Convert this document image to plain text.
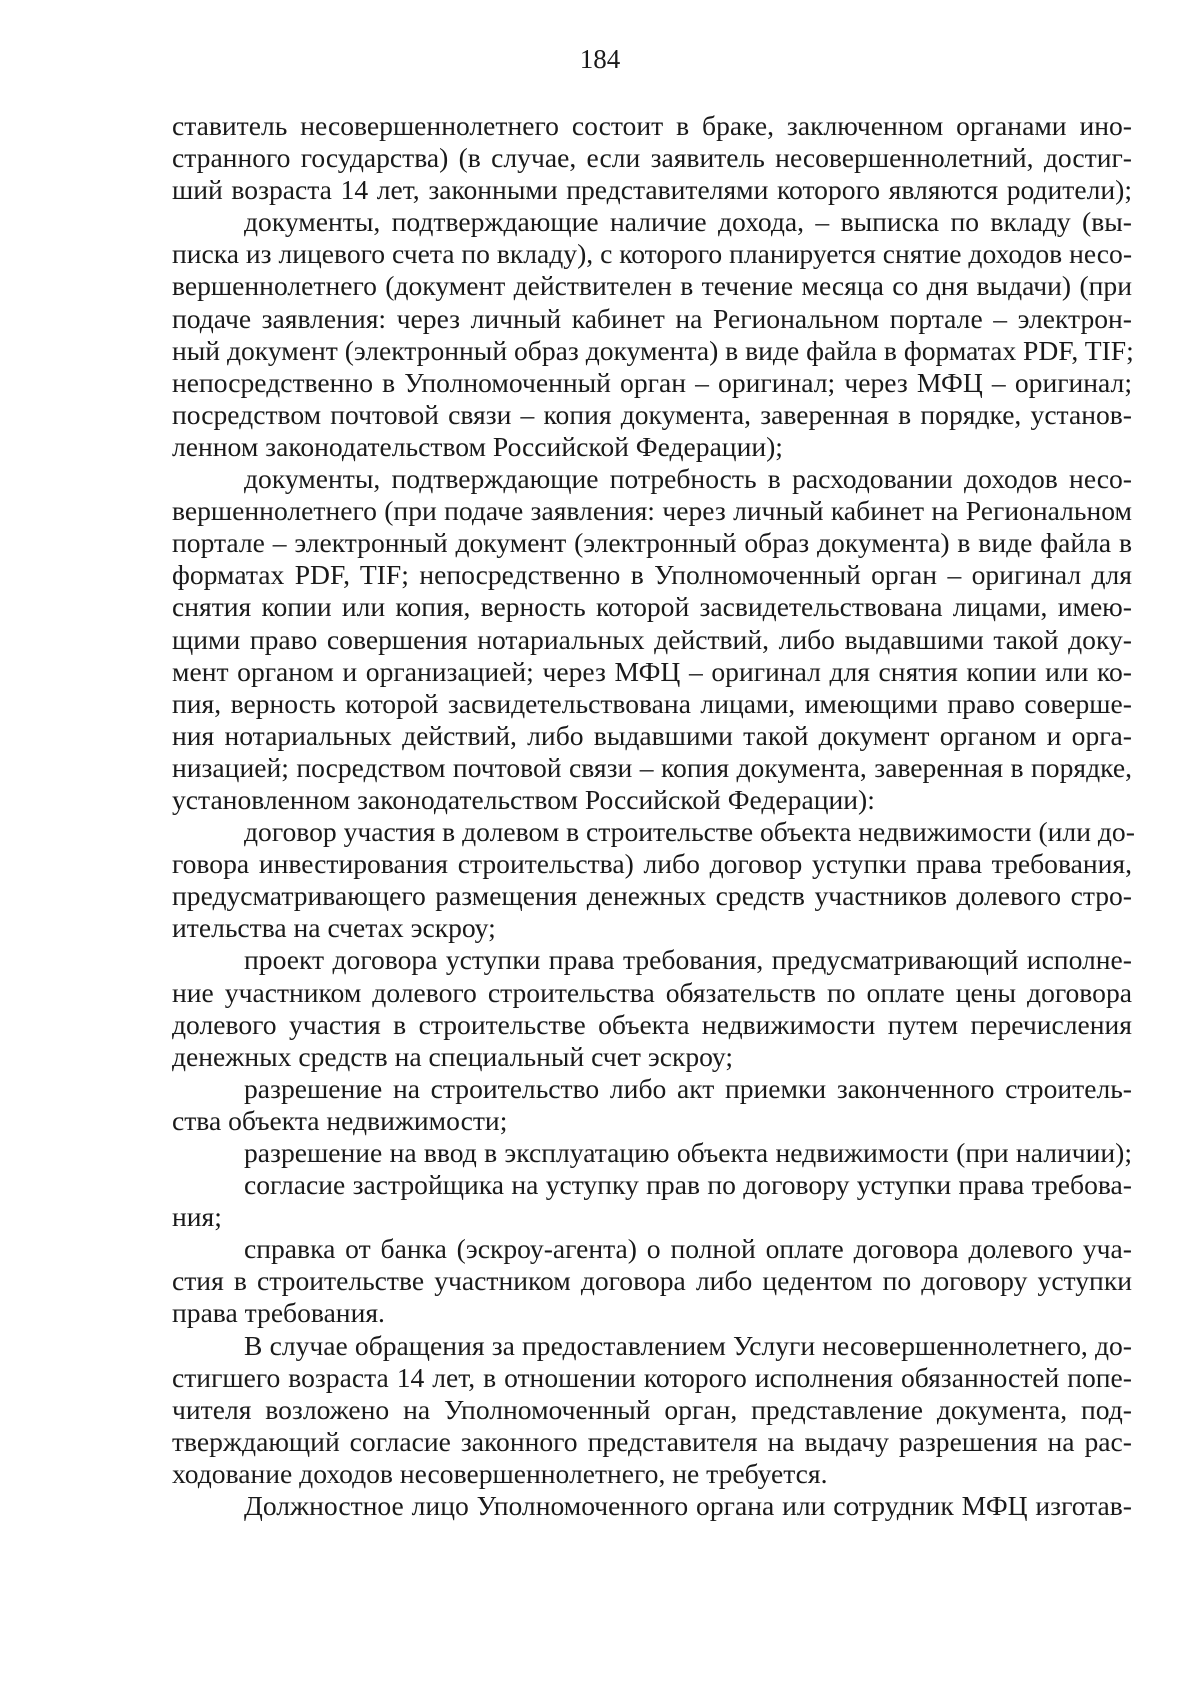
184
ставитель несовершеннолетнего состоит в браке, заключенном органами ино-
странного государства) (в случае, если заявитель несовершеннолетний, достиг-
ший возраста 14 лет, законными представителями которого являются родители);
документы, подтверждающие наличие дохода, – выписка по вкладу (вы-
писка из лицевого счета по вкладу), с которого планируется снятие доходов несо-
вершеннолетнего (документ действителен в течение месяца со дня выдачи) (при
подаче заявления: через личный кабинет на Региональном портале – электрон-
ный документ (электронный образ документа) в виде файла в форматах PDF, TIF;
непосредственно в Уполномоченный орган – оригинал; через МФЦ – оригинал;
посредством почтовой связи – копия документа, заверенная в порядке, установ-
ленном законодательством Российской Федерации);
документы, подтверждающие потребность в расходовании доходов несо-
вершеннолетнего (при подаче заявления: через личный кабинет на Региональном
портале – электронный документ (электронный образ документа) в виде файла в
форматах PDF, TIF; непосредственно в Уполномоченный орган – оригинал для
снятия копии или копия, верность которой засвидетельствована лицами, имею-
щими право совершения нотариальных действий, либо выдавшими такой доку-
мент органом и организацией; через МФЦ – оригинал для снятия копии или ко-
пия, верность которой засвидетельствована лицами, имеющими право соверше-
ния нотариальных действий, либо выдавшими такой документ органом и орга-
низацией; посредством почтовой связи – копия документа, заверенная в порядке,
установленном законодательством Российской Федерации):
договор участия в долевом в строительстве объекта недвижимости (или до-
говора инвестирования строительства) либо договор уступки права требования,
предусматривающего размещения денежных средств участников долевого стро-
ительства на счетах эскроу;
проект договора уступки права требования, предусматривающий исполне-
ние участником долевого строительства обязательств по оплате цены договора
долевого участия в строительстве объекта недвижимости путем перечисления
денежных средств на специальный счет эскроу;
разрешение на строительство либо акт приемки законченного строитель-
ства объекта недвижимости;
разрешение на ввод в эксплуатацию объекта недвижимости (при наличии);
согласие застройщика на уступку прав по договору уступки права требова-
ния;
справка от банка (эскроу-агента) о полной оплате договора долевого уча-
стия в строительстве участником договора либо цедентом по договору уступки
права требования.
В случае обращения за предоставлением Услуги несовершеннолетнего, до-
стигшего возраста 14 лет, в отношении которого исполнения обязанностей попе-
чителя возложено на Уполномоченный орган, представление документа, под-
тверждающий согласие законного представителя на выдачу разрешения на рас-
ходование доходов несовершеннолетнего, не требуется.
Должностное лицо Уполномоченного органа или сотрудник МФЦ изготав-
